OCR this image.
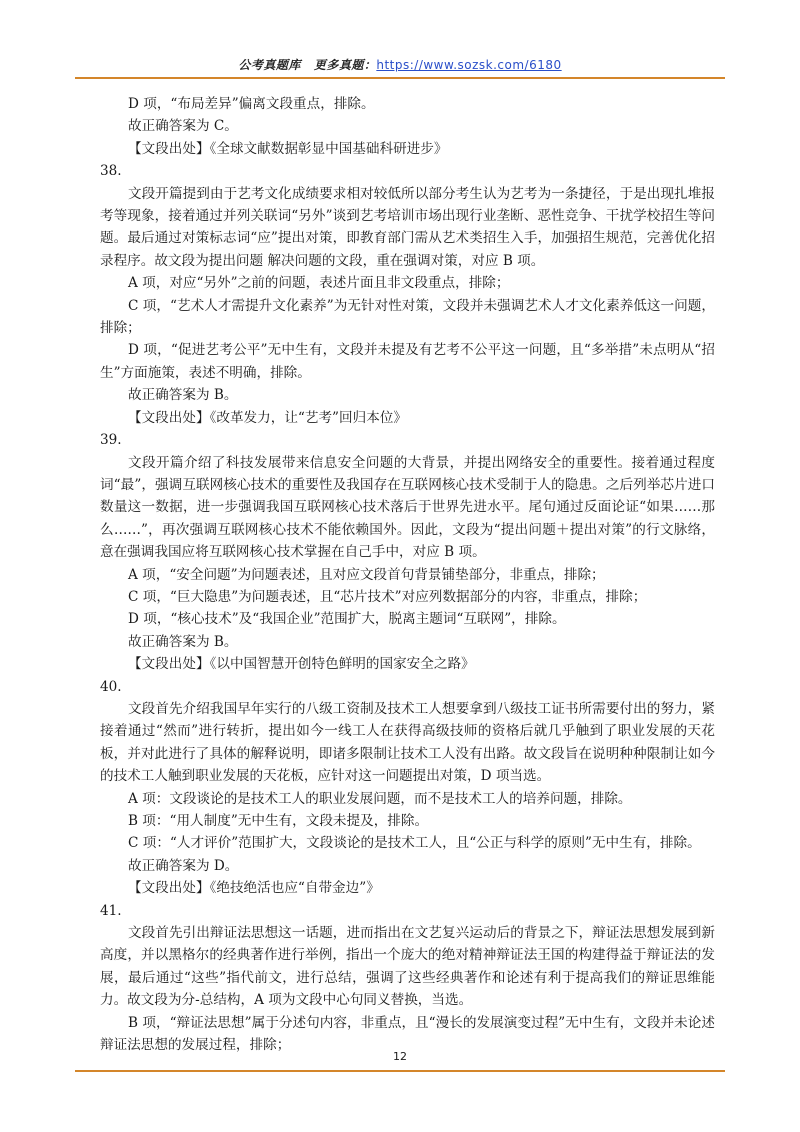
公考真题库 更多真题：https://www.sozsk.com/6180

D 项，“布局差异”偏离文段重点，排除。

故正确答案为 C。

【文段出处】《全球文献数据彰显中国基础科研进步》

38.

文段开篇提到由于艺考文化成绩要求相对较低所以部分考生认为艺考为一条捷径，于是出现扎堆报考等现象，接着通过并列关联词“另外”谈到艺考培训市场出现行业垄断、恶性竞争、干扰学校招生等问题。最后通过对策标志词“应”提出对策，即教育部门需从艺术类招生入手，加强招生规范，完善优化招录程序。故文段为提出问题 解决问题的文段，重在强调对策，对应 B 项。

A 项，对应“另外”之前的问题，表述片面且非文段重点，排除；

C 项，“艺术人才需提升文化素养”为无针对性对策，文段并未强调艺术人才文化素养低这一问题，排除；

D 项，“促进艺考公平”无中生有，文段并未提及有艺考不公平这一问题，且“多举措”未点明从“招生”方面施策，表述不明确，排除。

故正确答案为 B。

【文段出处】《改革发力，让“艺考”回归本位》

39.

文段开篇介绍了科技发展带来信息安全问题的大背景，并提出网络安全的重要性。接着通过程度词“最”，强调互联网核心技术的重要性及我国存在互联网核心技术受制于人的隐患。之后列举芯片进口数量这一数据，进一步强调我国互联网核心技术落后于世界先进水平。尾句通过反面论证“如果……那么……”，再次强调互联网核心技术不能依赖国外。因此，文段为“提出问题＋提出对策”的行文脉络，意在强调我国应将互联网核心技术掌握在自己手中，对应 B 项。

A 项，“安全问题”为问题表述，且对应文段首句背景铺垫部分，非重点，排除；

C 项，“巨大隐患”为问题表述，且“芯片技术”对应列数据部分的内容，非重点，排除；

D 项，“核心技术”及“我国企业”范围扩大，脱离主题词“互联网”，排除。

故正确答案为 B。

【文段出处】《以中国智慧开创特色鲜明的国家安全之路》

40.

文段首先介绍我国早年实行的八级工资制及技术工人想要拿到八级技工证书所需要付出的努力，紧接着通过“然而”进行转折，提出如今一线工人在获得高级技师的资格后就几乎触到了职业发展的天花板，并对此进行了具体的解释说明，即诸多限制让技术工人没有出路。故文段旨在说明种种限制让如今的技术工人触到职业发展的天花板，应针对这一问题提出对策，D 项当选。

A 项：文段谈论的是技术工人的职业发展问题，而不是技术工人的培养问题，排除。

B 项：“用人制度”无中生有，文段未提及，排除。

C 项：“人才评价”范围扩大，文段谈论的是技术工人，且“公正与科学的原则”无中生有，排除。

故正确答案为 D。

【文段出处】《绝技绝活也应“自带金边”》

41.

文段首先引出辩证法思想这一话题，进而指出在文艺复兴运动后的背景之下，辩证法思想发展到新高度，并以黑格尔的经典著作进行举例，指出一个庞大的绝对精神辩证法王国的构建得益于辩证法的发展，最后通过“这些”指代前文，进行总结，强调了这些经典著作和论述有利于提高我们的辩证思维能力。故文段为分-总结构，A 项为文段中心句同义替换，当选。

B 项，“辩证法思想”属于分述句内容，非重点，且“漫长的发展演变过程”无中生有，文段并未论述辩证法思想的发展过程，排除；

12
